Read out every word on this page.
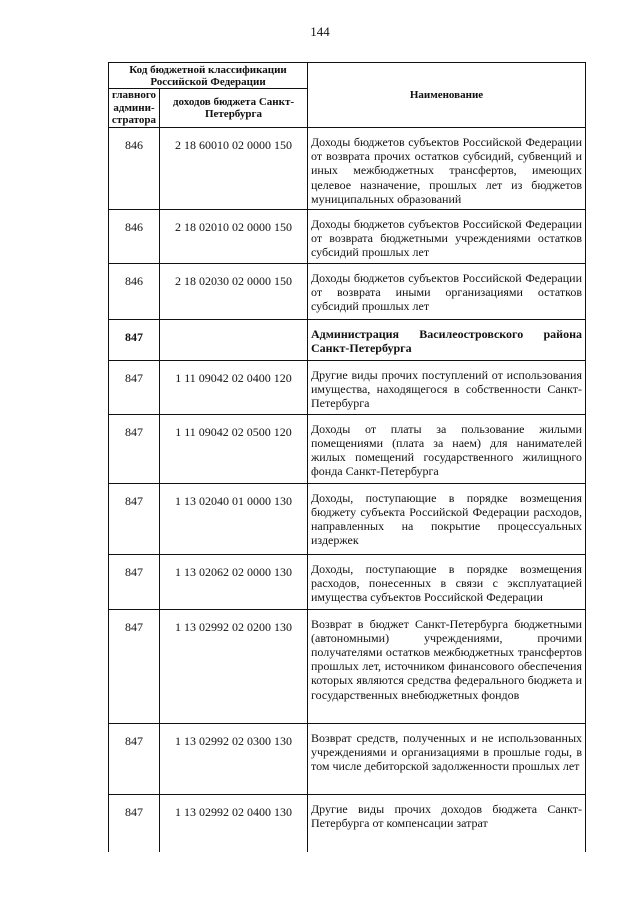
144
Код бюджетной классификации Российской Федерации		Наименование
главного админи-стратора	доходов бюджета Санкт-Петербурга	
846	2 18 60010 02 0000 150	Доходы бюджетов субъектов Российской Федерации от возврата прочих остатков субсидий, субвенций и иных межбюджетных трансфертов, имеющих целевое назначение, прошлых лет из бюджетов муниципальных образований
846	2 18 02010 02 0000 150	Доходы бюджетов субъектов Российской Федерации от возврата бюджетными учреждениями остатков субсидий прошлых лет
846	2 18 02030 02 0000 150	Доходы бюджетов субъектов Российской Федерации от возврата иными организациями остатков субсидий прошлых лет
847		Администрация Василеостровского района Санкт-Петербурга
847	1 11 09042 02 0400 120	Другие виды прочих поступлений от использования имущества, находящегося в собственности Санкт-Петербурга
847	1 11 09042 02 0500 120	Доходы от платы за пользование жилыми помещениями (плата за наем) для нанимателей жилых помещений государственного жилищного фонда Санкт-Петербурга
847	1 13 02040 01 0000 130	Доходы, поступающие в порядке возмещения бюджету субъекта Российской Федерации расходов, направленных на покрытие процессуальных издержек
847	1 13 02062 02 0000 130	Доходы, поступающие в порядке возмещения расходов, понесенных в связи с эксплуатацией имущества субъектов Российской Федерации
847	1 13 02992 02 0200 130	Возврат в бюджет Санкт-Петербурга бюджетными (автономными) учреждениями, прочими получателями остатков межбюджетных трансфертов прошлых лет, источником финансового обеспечения которых являются средства федерального бюджета и государственных внебюджетных фондов
847	1 13 02992 02 0300 130	Возврат средств, полученных и не использованных учреждениями и организациями в прошлые годы, в том числе дебиторской задолженности прошлых лет
847	1 13 02992 02 0400 130	Другие виды прочих доходов бюджета Санкт-Петербурга от компенсации затрат
